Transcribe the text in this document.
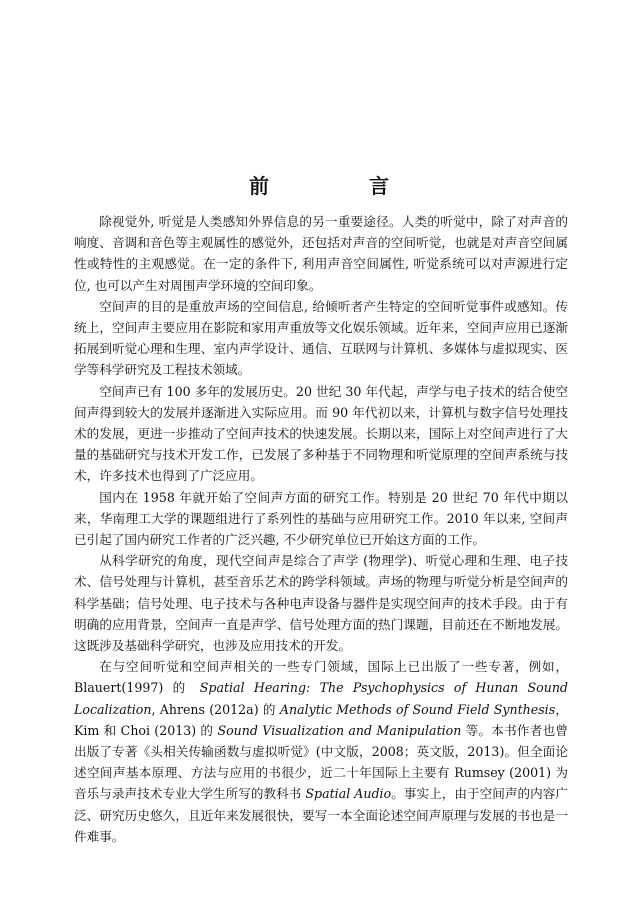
前　言

除视觉外, 听觉是人类感知外界信息的另一重要途径。人类的听觉中，除了对声音的响度、音调和音色等主观属性的感觉外，还包括对声音的空间听觉，也就是对声音空间属性或特性的主观感觉。在一定的条件下, 利用声音空间属性, 听觉系统可以对声源进行定位, 也可以产生对周围声学环境的空间印象。

空间声的目的是重放声场的空间信息, 给倾听者产生特定的空间听觉事件或感知。传统上，空间声主要应用在影院和家用声重放等文化娱乐领域。近年来，空间声应用已逐渐拓展到听觉心理和生理、室内声学设计、通信、互联网与计算机、多媒体与虚拟现实、医学等科学研究及工程技术领域。

空间声已有 100 多年的发展历史。20 世纪 30 年代起，声学与电子技术的结合使空间声得到较大的发展并逐渐进入实际应用。而 90 年代初以来，计算机与数字信号处理技术的发展，更进一步推动了空间声技术的快速发展。长期以来，国际上对空间声进行了大量的基础研究与技术开发工作，已发展了多种基于不同物理和听觉原理的空间声系统与技术，许多技术也得到了广泛应用。

国内在 1958 年就开始了空间声方面的研究工作。特别是 20 世纪 70 年代中期以来，华南理工大学的课题组进行了系列性的基础与应用研究工作。2010 年以来, 空间声已引起了国内研究工作者的广泛兴趣, 不少研究单位已开始这方面的工作。

从科学研究的角度，现代空间声是综合了声学 (物理学)、听觉心理和生理、电子技术、信号处理与计算机，甚至音乐艺术的跨学科领域。声场的物理与听觉分析是空间声的科学基础；信号处理、电子技术与各种电声设备与器件是实现空间声的技术手段。由于有明确的应用背景，空间声一直是声学、信号处理方面的热门课题，目前还在不断地发展。这既涉及基础科学研究，也涉及应用技术的开发。

在与空间听觉和空间声相关的一些专门领域，国际上已出版了一些专著，例如，Blauert(1997) 的 Spatial Hearing: The Psychophysics of Hunan Sound Localization, Ahrens (2012a) 的 Analytic Methods of Sound Field Synthesis，Kim 和 Choi (2013) 的 Sound Visualization and Manipulation 等。本书作者也曾出版了专著《头相关传输函数与虚拟听觉》(中文版，2008；英文版，2013)。但全面论述空间声基本原理、方法与应用的书很少，近二十年国际上主要有 Rumsey (2001) 为音乐与录声技术专业大学生所写的教科书 Spatial Audio。事实上，由于空间声的内容广泛、研究历史悠久，且近年来发展很快，要写一本全面论述空间声原理与发展的书也是一件难事。
